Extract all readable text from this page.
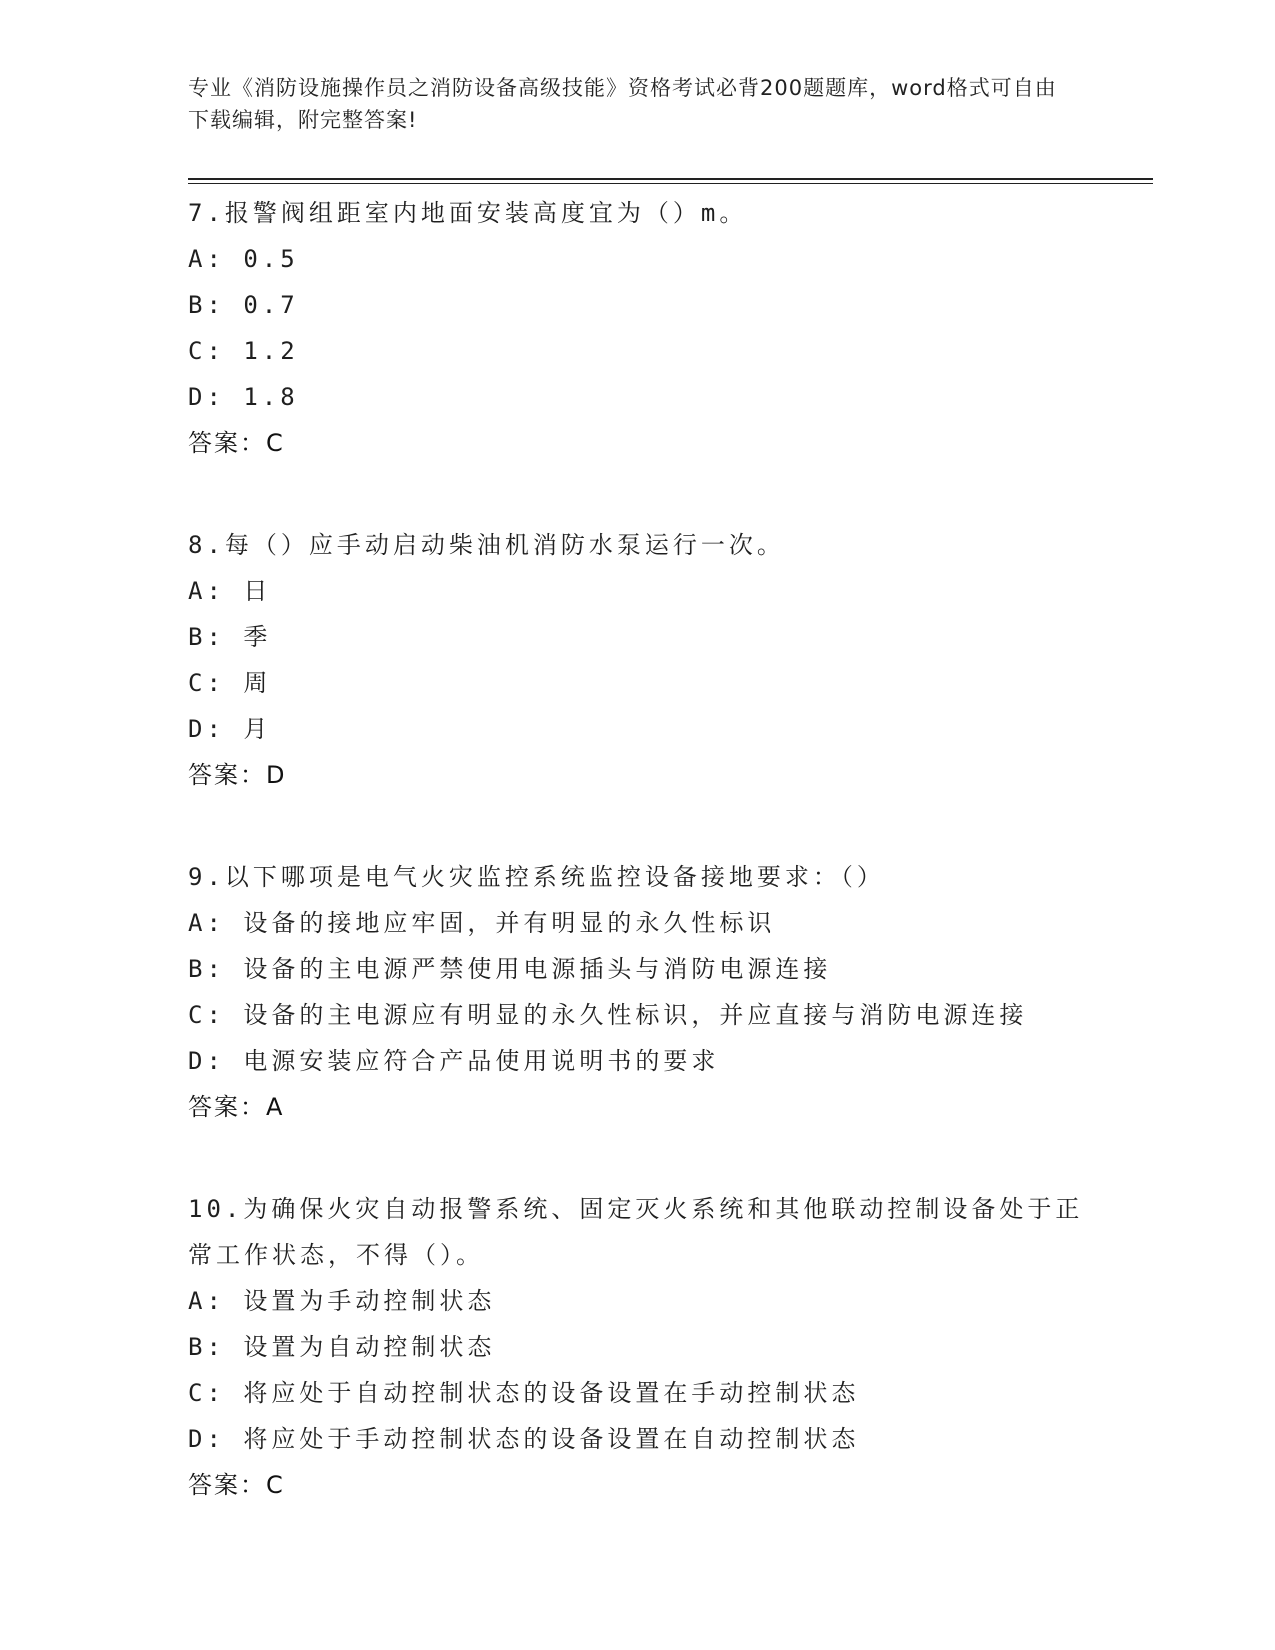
专业《消防设施操作员之消防设备高级技能》资格考试必背200题题库，word格式可自由下载编辑，附完整答案!
7.报警阀组距室内地面安装高度宜为（）m。
A: 0.5
B: 0.7
C: 1.2
D: 1.8
答案：C
8.每（）应手动启动柴油机消防水泵运行一次。
A: 日
B: 季
C: 周
D: 月
答案：D
9.以下哪项是电气火灾监控系统监控设备接地要求：（）
A: 设备的接地应牢固，并有明显的永久性标识
B: 设备的主电源严禁使用电源插头与消防电源连接
C: 设备的主电源应有明显的永久性标识，并应直接与消防电源连接
D: 电源安装应符合产品使用说明书的要求
答案：A
10.为确保火灾自动报警系统、固定灭火系统和其他联动控制设备处于正常工作状态，不得（）。
A: 设置为手动控制状态
B: 设置为自动控制状态
C: 将应处于自动控制状态的设备设置在手动控制状态
D: 将应处于手动控制状态的设备设置在自动控制状态
答案：C
